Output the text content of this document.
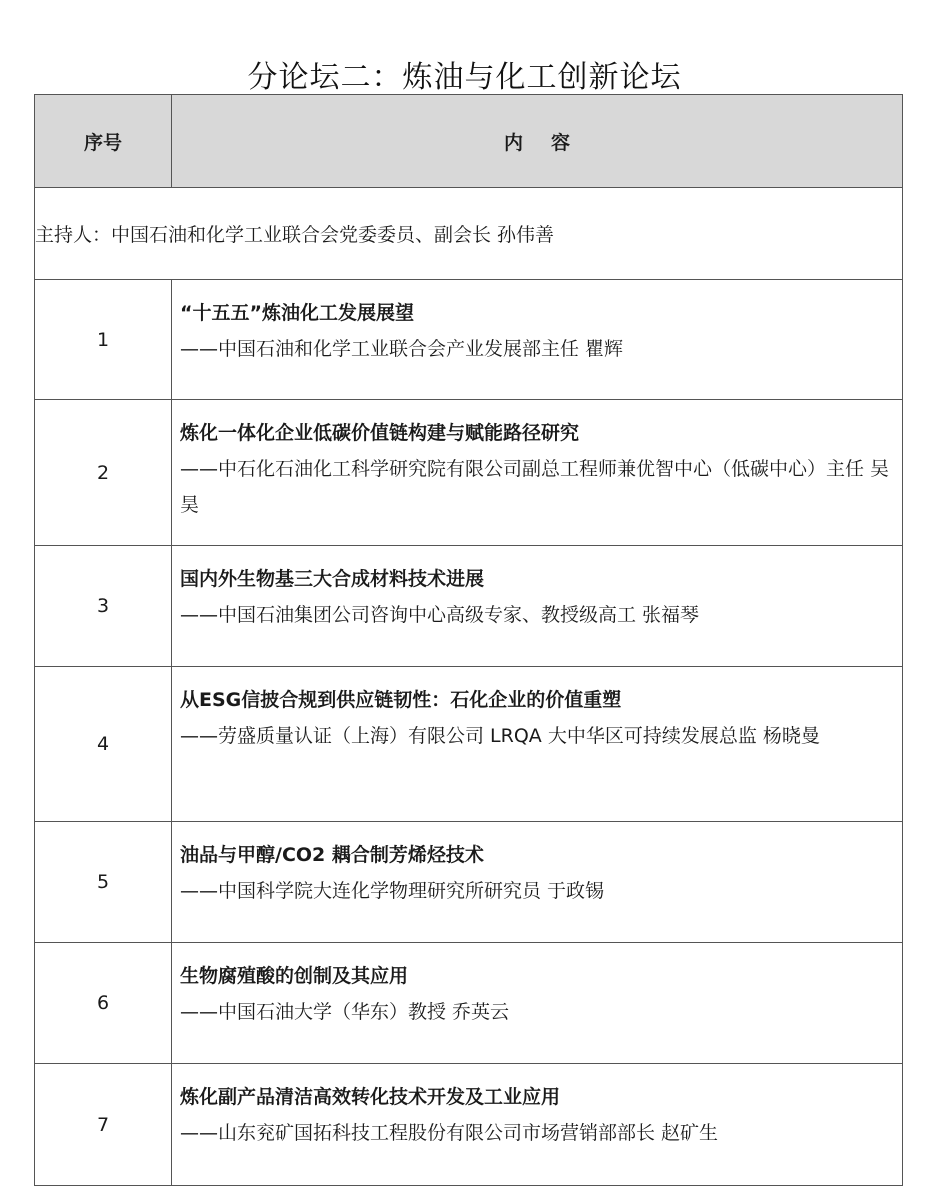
分论坛二：炼油与化工创新论坛
序号	内容
主持人：中国石油和化学工业联合会党委委员、副会长 孙伟善	
1	“十五五”炼油化工发展展望
——中国石油和化学工业联合会产业发展部主任 瞿辉

2	炼化一体化企业低碳价值链构建与赋能路径研究
——中石化石油化工科学研究院有限公司副总工程师兼优智中心（低碳中心）主任 吴昊

3	国内外生物基三大合成材料技术进展
——中国石油集团公司咨询中心高级专家、教授级高工 张福琴

4	从ESG信披合规到供应链韧性：石化企业的价值重塑
——劳盛质量认证（上海）有限公司 LRQA 大中华区可持续发展总监 杨晓曼

5	油品与甲醇/CO2 耦合制芳烯烃技术
——中国科学院大连化学物理研究所研究员 于政锡

6	生物腐殖酸的创制及其应用
——中国石油大学（华东）教授 乔英云

7	炼化副产品清洁高效转化技术开发及工业应用
——山东兖矿国拓科技工程股份有限公司市场营销部部长 赵矿生
